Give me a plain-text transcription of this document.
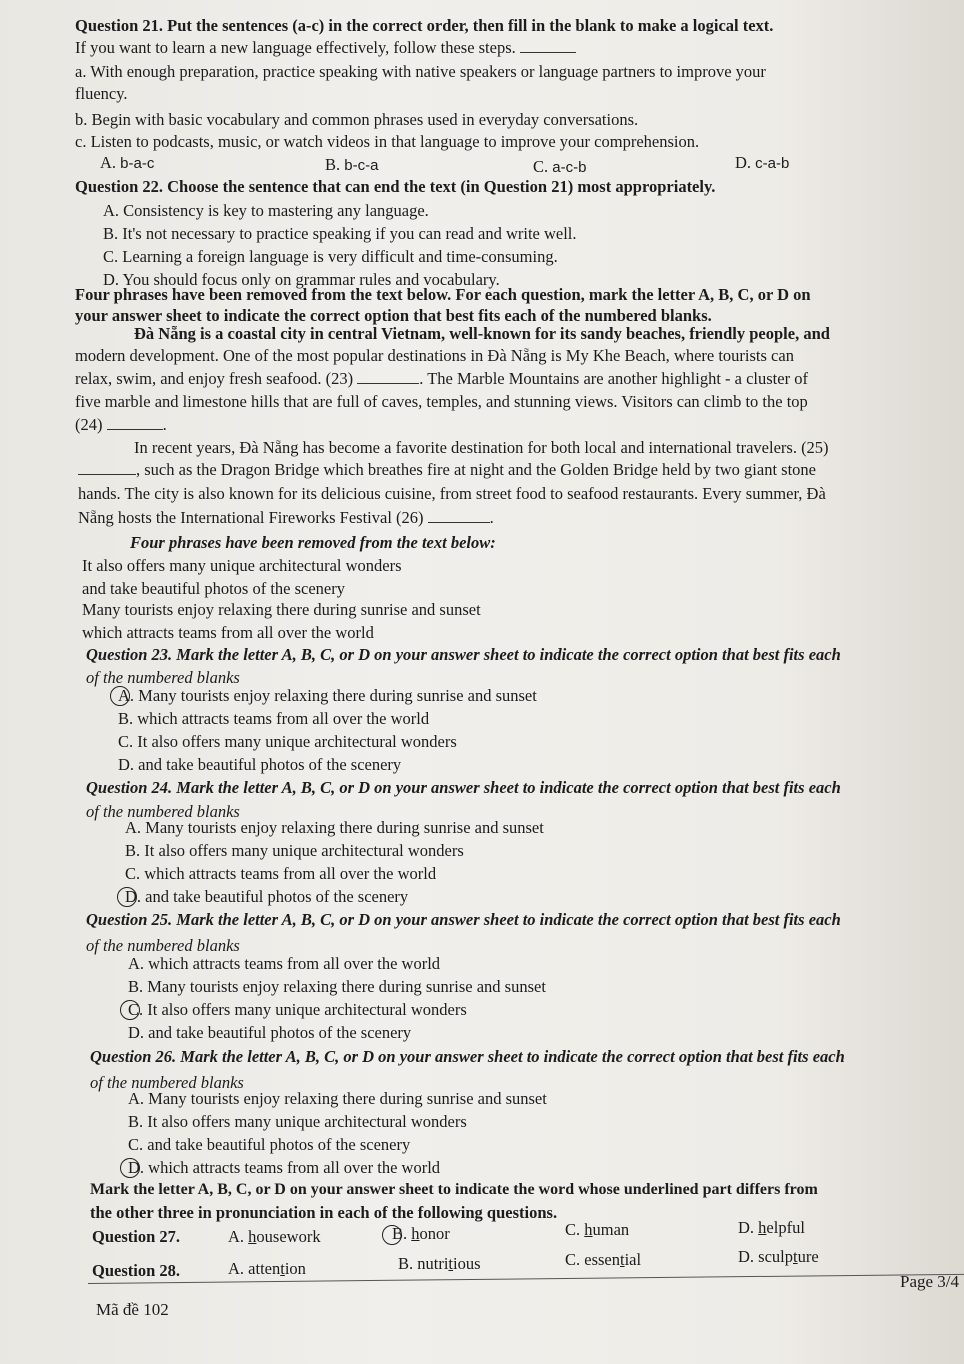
Question 21. Put the sentences (a-c) in the correct order, then fill in the blank to make a logical text.
If you want to learn a new language effectively, follow these steps.
a. With enough preparation, practice speaking with native speakers or language partners to improve your
fluency.
b. Begin with basic vocabulary and common phrases used in everyday conversations.
c. Listen to podcasts, music, or watch videos in that language to improve your comprehension.
A. b-a-c	B. b-c-a	C. a-c-b	D. c-a-b
Question 22. Choose the sentence that can end the text (in Question 21) most appropriately.
A. Consistency is key to mastering any language.
B. It's not necessary to practice speaking if you can read and write well.
C. Learning a foreign language is very difficult and time-consuming.
D. You should focus only on grammar rules and vocabulary.
Four phrases have been removed from the text below. For each question, mark the letter A, B, C, or D on
your answer sheet to indicate the correct option that best fits each of the numbered blanks.
Đà Nẵng is a coastal city in central Vietnam, well-known for its sandy beaches, friendly people, and
modern development. One of the most popular destinations in Đà Nẵng is My Khe Beach, where tourists can
relax, swim, and enjoy fresh seafood. (23)	. The Marble Mountains are another highlight - a cluster of
five marble and limestone hills that are full of caves, temples, and stunning views. Visitors can climb to the top
(24)	.
In recent years, Đà Nẵng has become a favorite destination for both local and international travelers. (25)
, such as the Dragon Bridge which breathes fire at night and the Golden Bridge held by two giant stone
hands. The city is also known for its delicious cuisine, from street food to seafood restaurants. Every summer, Đà
Nẵng hosts the International Fireworks Festival (26)	.
Four phrases have been removed from the text below:
It also offers many unique architectural wonders
and take beautiful photos of the scenery
Many tourists enjoy relaxing there during sunrise and sunset
which attracts teams from all over the world
Question 23. Mark the letter A, B, C, or D on your answer sheet to indicate the correct option that best fits each
of the numbered blanks
A. Many tourists enjoy relaxing there during sunrise and sunset
B. which attracts teams from all over the world
C. It also offers many unique architectural wonders
D. and take beautiful photos of the scenery
Question 24. Mark the letter A, B, C, or D on your answer sheet to indicate the correct option that best fits each
of the numbered blanks
A. Many tourists enjoy relaxing there during sunrise and sunset
B. It also offers many unique architectural wonders
C. which attracts teams from all over the world
D. and take beautiful photos of the scenery
Question 25. Mark the letter A, B, C, or D on your answer sheet to indicate the correct option that best fits each
of the numbered blanks
A. which attracts teams from all over the world
B. Many tourists enjoy relaxing there during sunrise and sunset
C. It also offers many unique architectural wonders
D. and take beautiful photos of the scenery
Question 26. Mark the letter A, B, C, or D on your answer sheet to indicate the correct option that best fits each
of the numbered blanks
A. Many tourists enjoy relaxing there during sunrise and sunset
B. It also offers many unique architectural wonders
C. and take beautiful photos of the scenery
D. which attracts teams from all over the world
Mark the letter A, B, C, or D on your answer sheet to indicate the word whose underlined part differs from
the other three in pronunciation in each of the following questions.
Question 27.	A. housework	B. honor	C. human	D. helpful
Question 28.	A. attention	B. nutritious	C. essential	D. sculpture
Mã đề 102
Page 3/4
